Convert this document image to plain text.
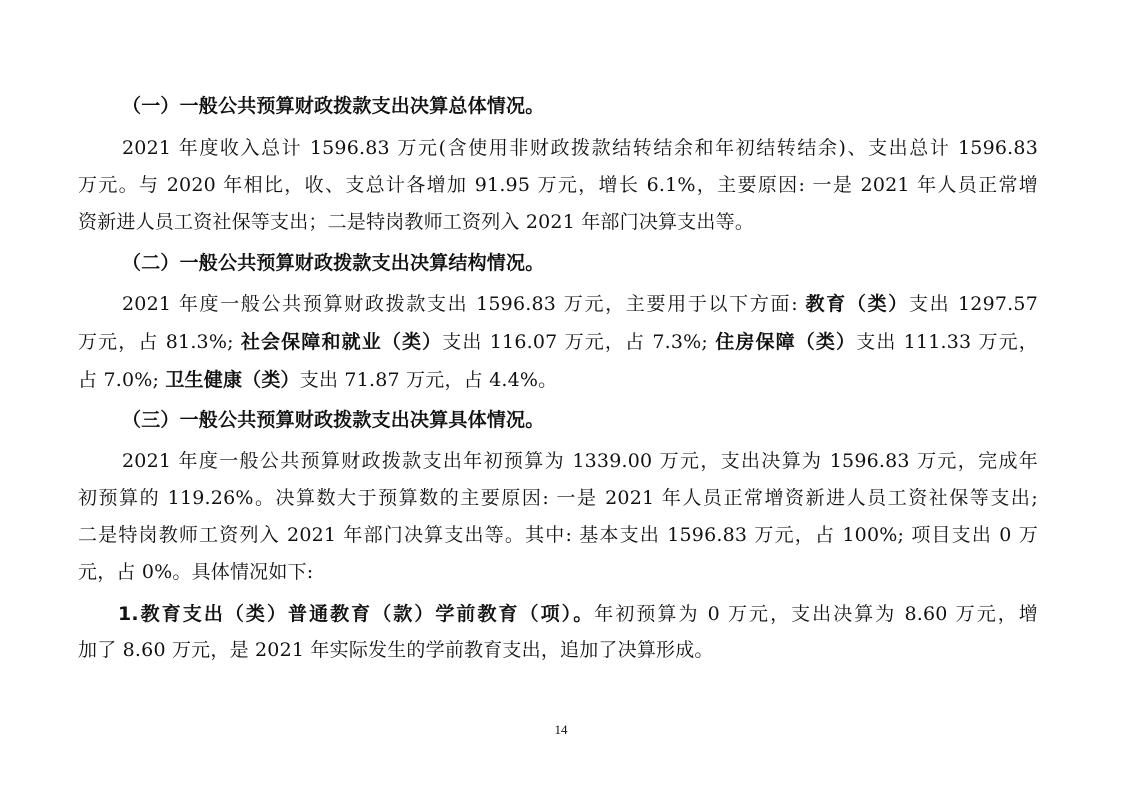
（一）一般公共预算财政拨款支出决算总体情况。
2021 年度收入总计 1596.83 万元(含使用非财政拨款结转结余和年初结转结余)、支出总计 1596.83
万元。与 2020 年相比，收、支总计各增加 91.95 万元，增长 6.1%，主要原因: 一是 2021 年人员正常增
资新进人员工资社保等支出；二是特岗教师工资列入 2021 年部门决算支出等。
（二）一般公共预算财政拨款支出决算结构情况。
2021 年度一般公共预算财政拨款支出 1596.83 万元，主要用于以下方面: 教育（类）支出 1297.57
万元，占 81.3%; 社会保障和就业（类）支出 116.07 万元，占 7.3%; 住房保障（类）支出 111.33 万元，
占 7.0%; 卫生健康（类）支出 71.87 万元，占 4.4%。
（三）一般公共预算财政拨款支出决算具体情况。
2021 年度一般公共预算财政拨款支出年初预算为 1339.00 万元，支出决算为 1596.83 万元，完成年
初预算的 119.26%。决算数大于预算数的主要原因: 一是 2021 年人员正常增资新进人员工资社保等支出;
二是特岗教师工资列入 2021 年部门决算支出等。其中: 基本支出 1596.83 万元，占 100%; 项目支出 0 万
元，占 0%。具体情况如下:
1.教育支出（类）普通教育（款）学前教育（项）。年初预算为 0 万元，支出决算为 8.60 万元，增
加了 8.60 万元，是 2021 年实际发生的学前教育支出，追加了决算形成。
14
